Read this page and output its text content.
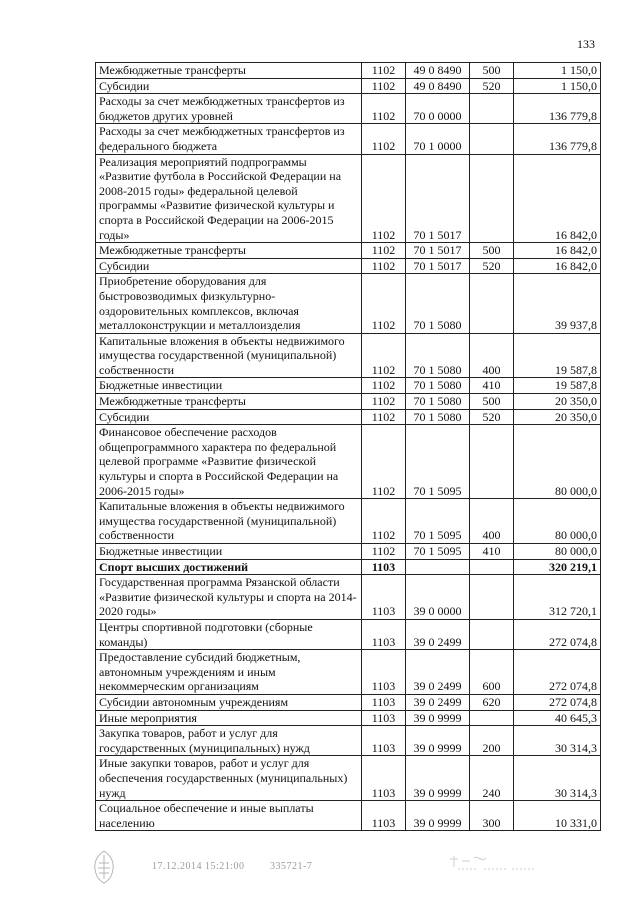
133
Межбюджетные трансферты	1102	49 0 8490	500	1 150,0
Субсидии	1102	49 0 8490	520	1 150,0
Расходы за счет межбюджетных трансфертов из бюджетов других уровней	1102	70 0 0000		136 779,8
Расходы за счет межбюджетных трансфертов из федерального бюджета	1102	70 1 0000		136 779,8
Реализация мероприятий подпрограммы «Развитие футбола в Российской Федерации на 2008-2015 годы» федеральной целевой программы «Развитие физической культуры и спорта в Российской Федерации на 2006-2015 годы»	1102	70 1 5017		16 842,0
Межбюджетные трансферты	1102	70 1 5017	500	16 842,0
Субсидии	1102	70 1 5017	520	16 842,0
Приобретение оборудования для быстровозводимых физкультурно-оздоровительных комплексов, включая металлоконструкции и металлоизделия	1102	70 1 5080		39 937,8
Капитальные вложения в объекты недвижимого имущества государственной (муниципальной) собственности	1102	70 1 5080	400	19 587,8
Бюджетные инвестиции	1102	70 1 5080	410	19 587,8
Межбюджетные трансферты	1102	70 1 5080	500	20 350,0
Субсидии	1102	70 1 5080	520	20 350,0
Финансовое обеспечение расходов общепрограммного характера по федеральной целевой программе «Развитие физической культуры и спорта в Российской Федерации на 2006-2015 годы»	1102	70 1 5095		80 000,0
Капитальные вложения в объекты недвижимого имущества государственной (муниципальной) собственности	1102	70 1 5095	400	80 000,0
Бюджетные инвестиции	1102	70 1 5095	410	80 000,0
Спорт высших достижений	1103			320 219,1
Государственная программа Рязанской области «Развитие физической культуры и спорта на 2014-2020 годы»	1103	39 0 0000		312 720,1
Центры спортивной подготовки (сборные команды)	1103	39 0 2499		272 074,8
Предоставление субсидий бюджетным, автономным учреждениям и иным некоммерческим организациям	1103	39 0 2499	600	272 074,8
Субсидии автономным учреждениям	1103	39 0 2499	620	272 074,8
Иные мероприятия	1103	39 0 9999		40 645,3
Закупка товаров, работ и услуг для государственных (муниципальных) нужд	1103	39 0 9999	200	30 314,3
Иные закупки товаров, работ и услуг для обеспечения государственных (муниципальных) нужд	1103	39 0 9999	240	30 314,3
Социальное обеспечение и иные выплаты населению	1103	39 0 9999	300	10 331,0
17.12.2014 15:21:00	335721-7
